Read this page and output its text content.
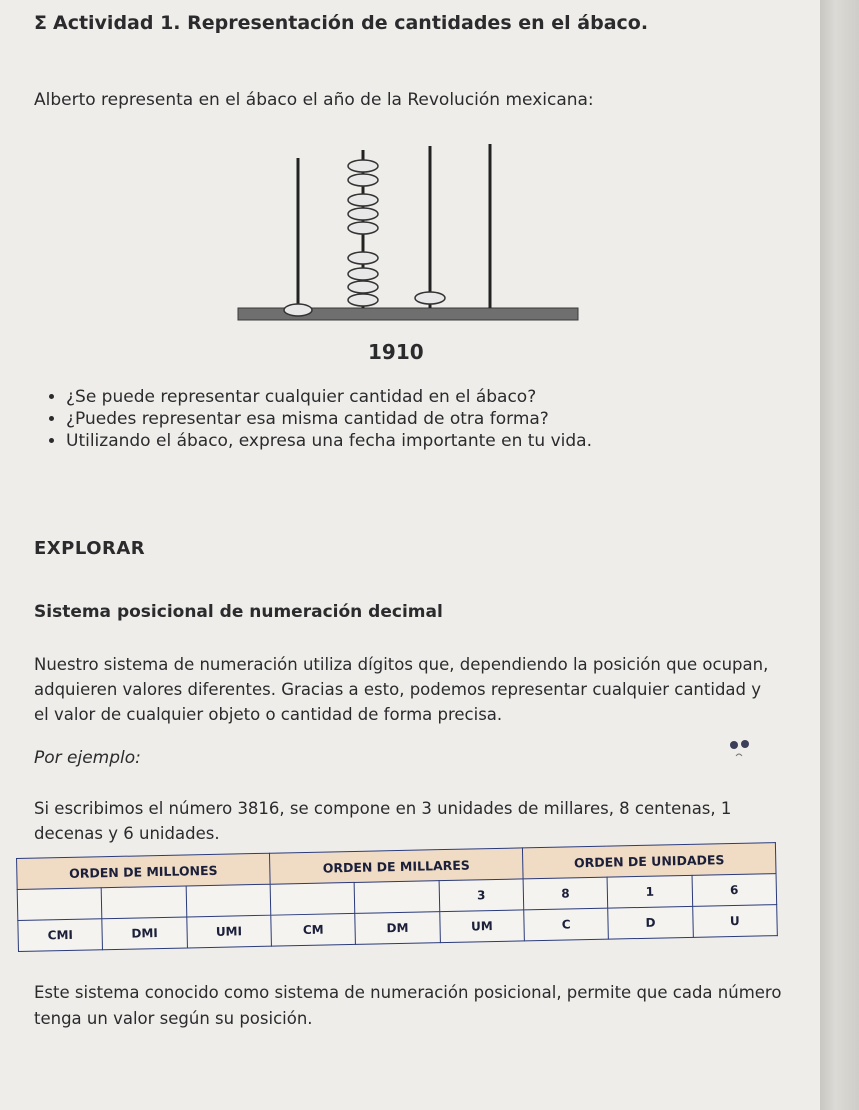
Ʃ Actividad 1. Representación de cantidades en el ábaco.
Alberto representa en el ábaco el año de la Revolución mexicana:
1910
• ¿Se puede representar cualquier cantidad en el ábaco?
• ¿Puedes representar esa misma cantidad de otra forma?
• Utilizando el ábaco, expresa una fecha importante en tu vida.
EXPLORAR
Sistema posicional de numeración decimal
Nuestro sistema de numeración utiliza dígitos que, dependiendo la posición que ocupan, adquieren valores diferentes. Gracias a esto, podemos representar cualquier cantidad y el valor de cualquier objeto o cantidad de forma precisa.
Por ejemplo:
Si escribimos el número 3816, se compone en 3 unidades de millares, 8 centenas, 1 decenas y 6 unidades.
ORDEN DE MILLONES			ORDEN DE MILLARES			ORDEN DE UNIDADES		
					3	8	1	6
CMI	DMI	UMI	CM	DM	UM	C	D	U
Este sistema conocido como sistema de numeración posicional, permite que cada número tenga un valor según su posición.
